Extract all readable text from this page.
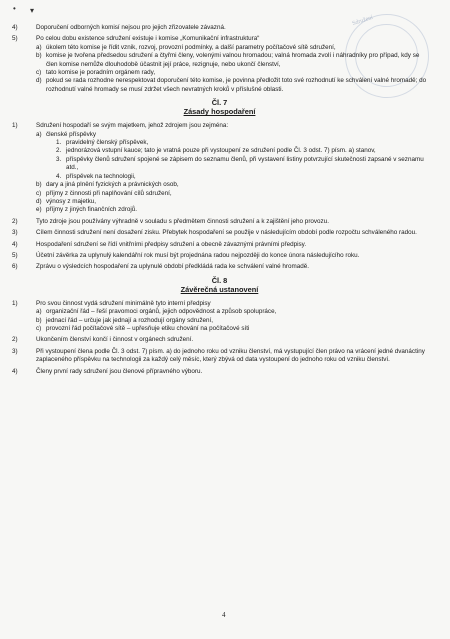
Sdružení
• ▾
4)	Doporučení odborných komisí nejsou pro jejich zřizovatele závazná.
5)	Po celou dobu existence sdružení existuje i komise „Komunikační infrastruktura“
a) úkolem této komise je řídit vznik, rozvoj, provozní podmínky, a další parametry počítačové sítě sdružení,
b) komise je tvořena předsedou sdružení a čtyřmi členy, volenými valnou hromadou; valná hromada zvolí i náhradníky pro případ, kdy se člen komise nemůže dlouhodobě účastnit její práce, rezignuje, nebo ukončí členství,
c) tato komise je poradním orgánem rady,
d) pokud se rada rozhodne nerespektovat doporučení této komise, je povinna předložit toto své rozhodnutí ke schválení valné hromadě; do rozhodnutí valné hromady se musí zdržet všech nevratných kroků v příslušné oblasti.
Čl. 7
Zásady hospodaření
1)	Sdružení hospodaří se svým majetkem, jehož zdrojem jsou zejména:
a) členské příspěvky
1. pravidelný členský příspěvek,
2. jednorázová vstupní kauce; tato je vratná pouze při vystoupení ze sdružení podle Čl. 3 odst. 7) písm. a) stanov,
3. příspěvky členů sdružení spojené se zápisem do seznamu členů, při vystavení listiny potvrzující skutečnosti zapsané v seznamu atd.,
4. příspěvek na technologii,
b) dary a jiná plnění fyzických a právnických osob,
c) příjmy z činnosti při naplňování cílů sdružení,
d) výnosy z majetku,
e) příjmy z jiných finančních zdrojů.
2)	Tyto zdroje jsou používány výhradně v souladu s předmětem činnosti sdružení a k zajištění jeho provozu.
3)	Cílem činnosti sdružení není dosažení zisku. Přebytek hospodaření se použije v následujícím období podle rozpočtu schváleného radou.
4)	Hospodaření sdružení se řídí vnitřními předpisy sdružení a obecně závaznými právními předpisy.
5)	Účetní závěrka za uplynulý kalendářní rok musí být projednána radou nejpozději do konce února následujícího roku.
6)	Zprávu o výsledcích hospodaření za uplynulé období předkládá rada ke schválení valné hromadě.
Čl. 8
Závěrečná ustanovení
1)	Pro svou činnost vydá sdružení minimálně tyto interní předpisy
a) organizační řád – řeší pravomoci orgánů, jejich odpovědnost a způsob spolupráce,
b) jednací řád – určuje jak jednají a rozhodují orgány sdružení,
c) provozní řád počítačové sítě – upřesňuje etiku chování na počítačové síti
2)	Ukončením členství končí i činnost v orgánech sdružení.
3)	Při vystoupení člena podle Čl. 3 odst. 7) písm. a) do jednoho roku od vzniku členství, má vystupující člen právo na vrácení jedné dvanáctiny zaplaceného příspěvku na technologii za každý celý měsíc, který zbývá od data vystoupení do jednoho roku od vzniku členství.
4)	Členy první rady sdružení jsou členové přípravného výboru.
4
